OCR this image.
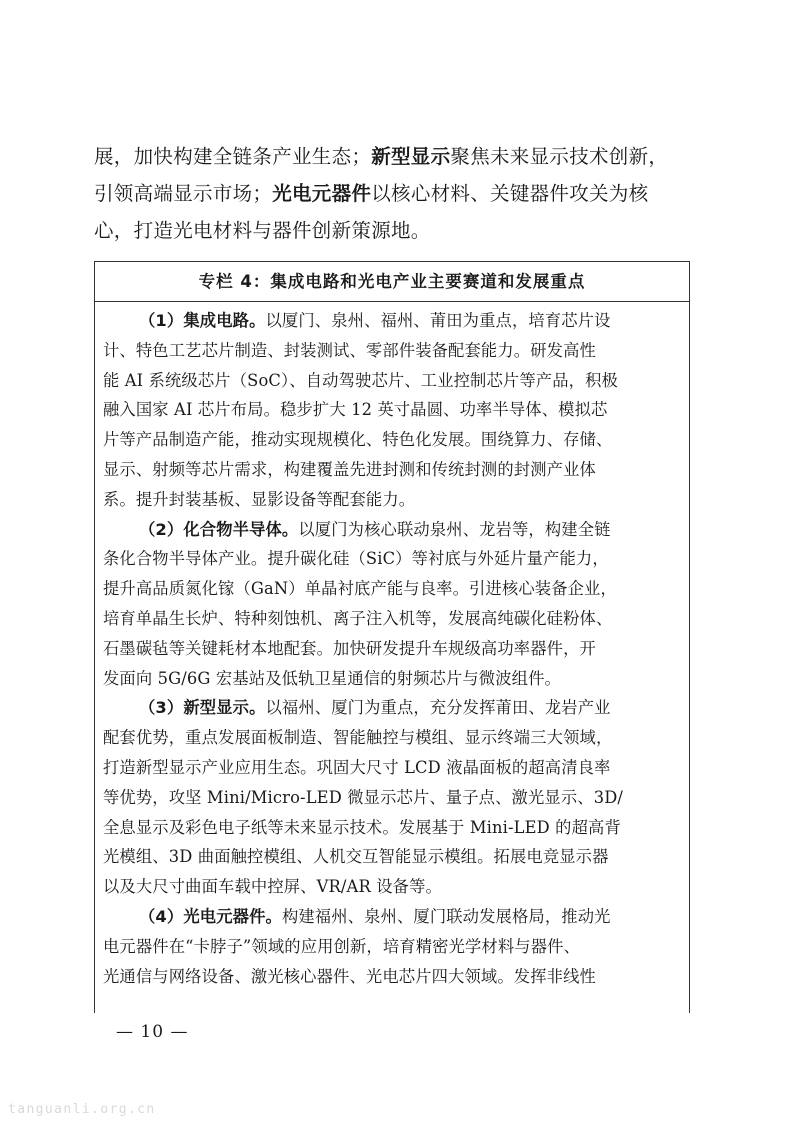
展，加快构建全链条产业生态；新型显示聚焦未来显示技术创新，
引领高端显示市场；光电元器件以核心材料、关键器件攻关为核
心，打造光电材料与器件创新策源地。
专栏 4：集成电路和光电产业主要赛道和发展重点
（1）集成电路。以厦门、泉州、福州、莆田为重点，培育芯片设
计、特色工艺芯片制造、封装测试、零部件装备配套能力。研发高性
能 AI 系统级芯片（SoC）、自动驾驶芯片、工业控制芯片等产品，积极
融入国家 AI 芯片布局。稳步扩大 12 英寸晶圆、功率半导体、模拟芯
片等产品制造产能，推动实现规模化、特色化发展。围绕算力、存储、
显示、射频等芯片需求，构建覆盖先进封测和传统封测的封测产业体
系。提升封装基板、显影设备等配套能力。
（2）化合物半导体。以厦门为核心联动泉州、龙岩等，构建全链
条化合物半导体产业。提升碳化硅（SiC）等衬底与外延片量产能力，
提升高品质氮化镓（GaN）单晶衬底产能与良率。引进核心装备企业，
培育单晶生长炉、特种刻蚀机、离子注入机等，发展高纯碳化硅粉体、
石墨碳毡等关键耗材本地配套。加快研发提升车规级高功率器件，开
发面向 5G/6G 宏基站及低轨卫星通信的射频芯片与微波组件。
（3）新型显示。以福州、厦门为重点，充分发挥莆田、龙岩产业
配套优势，重点发展面板制造、智能触控与模组、显示终端三大领域，
打造新型显示产业应用生态。巩固大尺寸 LCD 液晶面板的超高清良率
等优势，攻坚 Mini/Micro-LED 微显示芯片、量子点、激光显示、3D/
全息显示及彩色电子纸等未来显示技术。发展基于 Mini-LED 的超高背
光模组、3D 曲面触控模组、人机交互智能显示模组。拓展电竞显示器
以及大尺寸曲面车载中控屏、VR/AR 设备等。
（4）光电元器件。构建福州、泉州、厦门联动发展格局，推动光
电元器件在“卡脖子”领域的应用创新，培育精密光学材料与器件、
光通信与网络设备、激光核心器件、光电芯片四大领域。发挥非线性
— 10 —
tanguanli.org.cn
